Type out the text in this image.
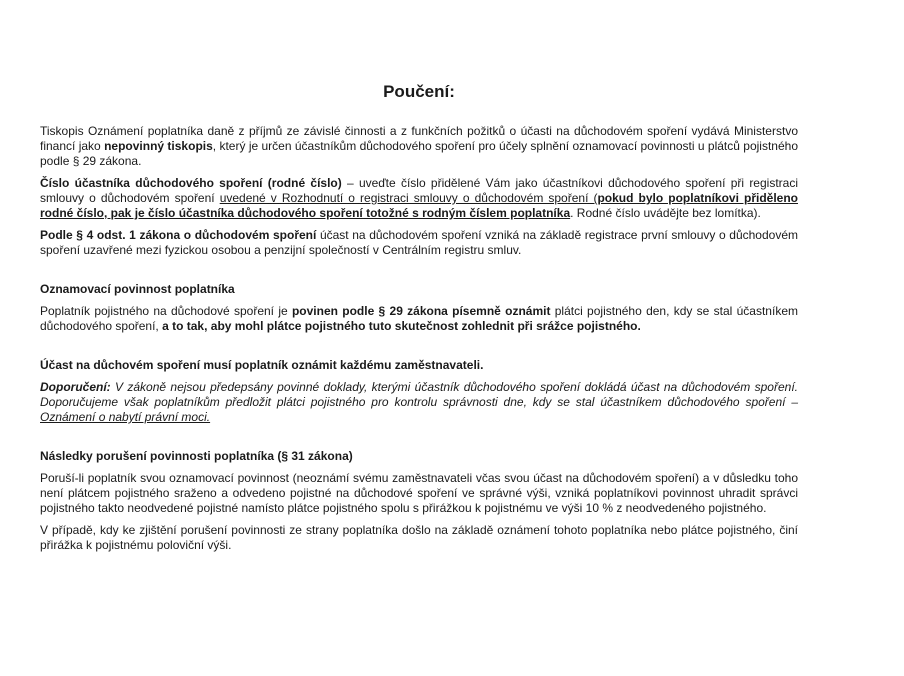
Poučení:

Tiskopis Oznámení poplatníka daně z příjmů ze závislé činnosti a z funkčních požitků o účasti na důchodovém spoření vydává Ministerstvo financí jako nepovinný tiskopis, který je určen účastníkům důchodového spoření pro účely splnění oznamovací povinnosti u plátců pojistného podle § 29 zákona.

Číslo účastníka důchodového spoření (rodné číslo) – uveďte číslo přidělené Vám jako účastníkovi důchodového spoření při registraci smlouvy o důchodovém spoření uvedené v Rozhodnutí o registraci smlouvy o důchodovém spoření (pokud bylo poplatníkovi přiděleno rodné číslo, pak je číslo účastníka důchodového spoření totožné s rodným číslem poplatníka. Rodné číslo uvádějte bez lomítka).

Podle § 4 odst. 1 zákona o důchodovém spoření účast na důchodovém spoření vzniká na základě registrace první smlouvy o důchodovém spoření uzavřené mezi fyzickou osobou a penzijní společností v Centrálním registru smluv.

Oznamovací povinnost poplatníka

Poplatník pojistného na důchodové spoření je povinen podle § 29 zákona písemně oznámit plátci pojistného den, kdy se stal účastníkem důchodového spoření, a to tak, aby mohl plátce pojistného tuto skutečnost zohlednit při srážce pojistného.

Účast na důchovém spoření musí poplatník oznámit každému zaměstnavateli.

Doporučení: V zákoně nejsou předepsány povinné doklady, kterými účastník důchodového spoření dokládá účast na důchodovém spoření. Doporučujeme však poplatníkům předložit plátci pojistného pro kontrolu správnosti dne, kdy se stal účastníkem důchodového spoření – Oznámení o nabytí právní moci.

Následky porušení povinnosti poplatníka (§ 31 zákona)

Poruší-li poplatník svou oznamovací povinnost (neoznámí svému zaměstnavateli včas svou účast na důchodovém spoření) a v důsledku toho není plátcem pojistného sraženo a odvedeno pojistné na důchodové spoření ve správné výši, vzniká poplatníkovi povinnost uhradit správci pojistného takto neodvedené pojistné namísto plátce pojistného spolu s přirážkou k pojistnému ve výši 10 % z neodvedeného pojistného.

V případě, kdy ke zjištění porušení povinnosti ze strany poplatníka došlo na základě oznámení tohoto poplatníka nebo plátce pojistného, činí přirážka k pojistnému poloviční výši.
